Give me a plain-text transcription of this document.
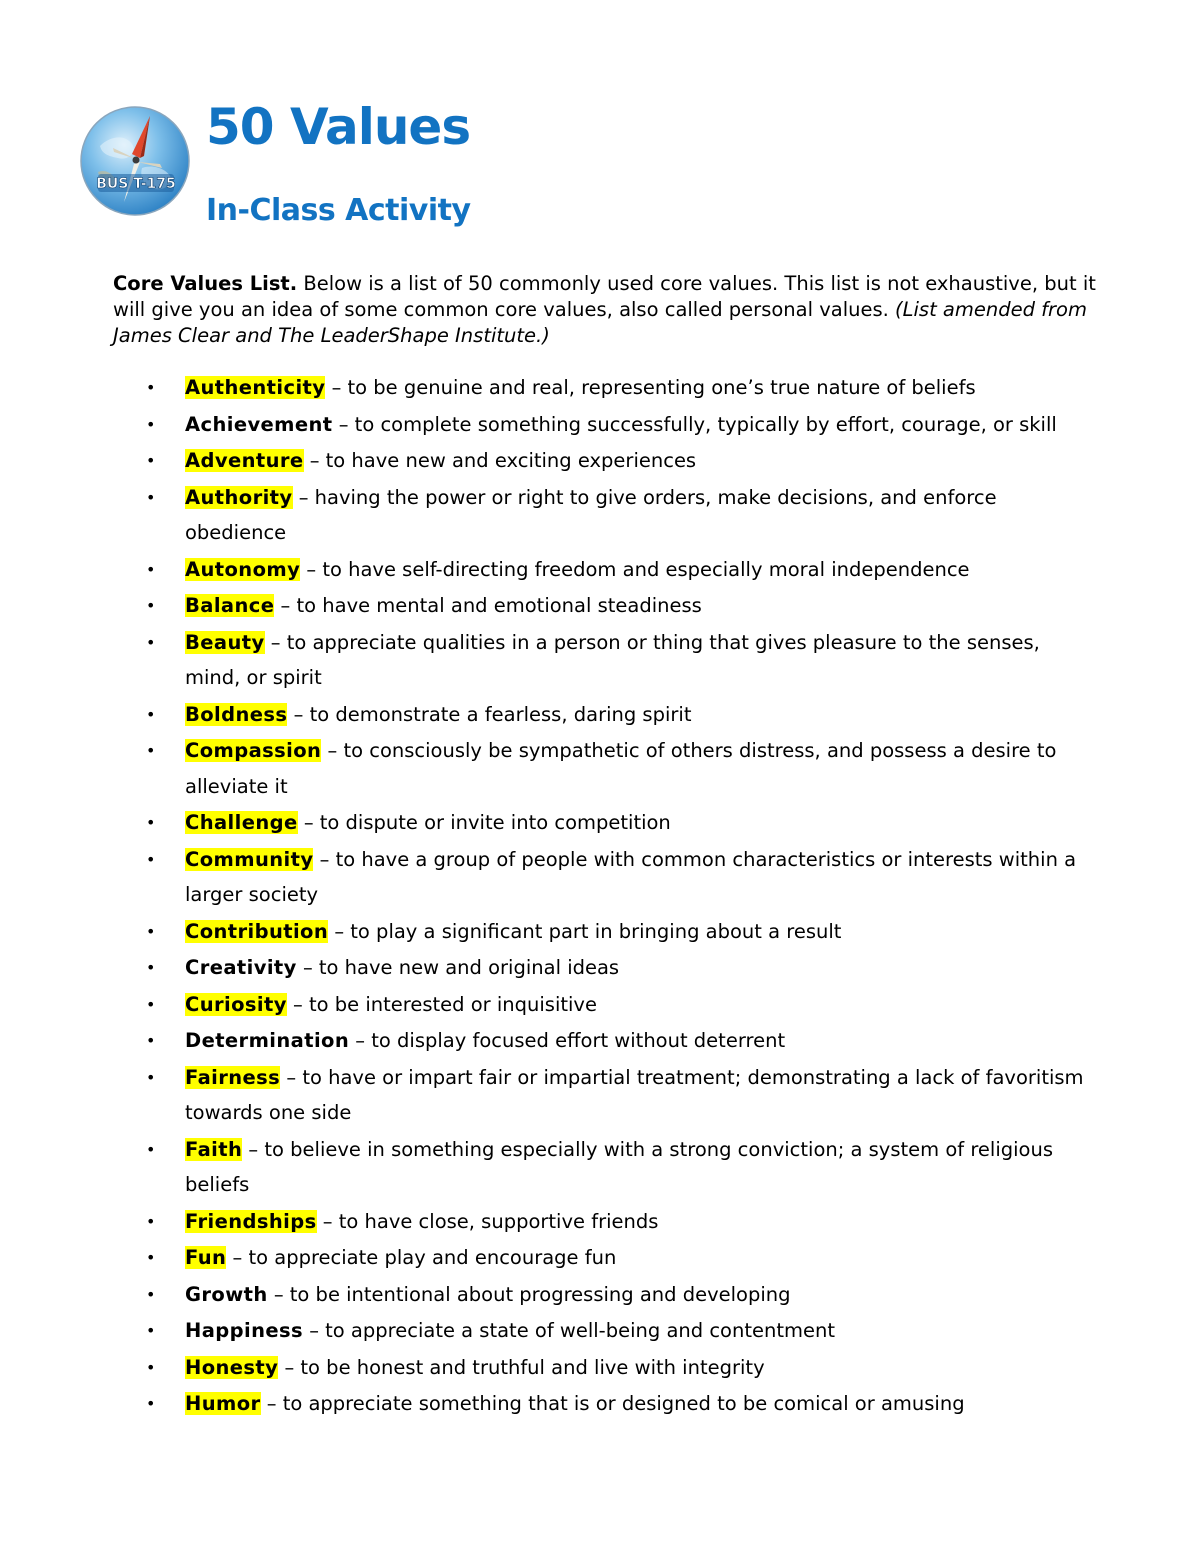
BUS T-175
50 Values
In-Class Activity

Core Values List. Below is a list of 50 commonly used core values. This list is not exhaustive, but it will give you an idea of some common core values, also called personal values. (List amended from James Clear and The LeaderShape Institute.)

•	Authenticity – to be genuine and real, representing one’s true nature of beliefs
•	Achievement – to complete something successfully, typically by effort, courage, or skill
•	Adventure – to have new and exciting experiences
•	Authority – having the power or right to give orders, make decisions, and enforce obedience
•	Autonomy – to have self-directing freedom and especially moral independence
•	Balance – to have mental and emotional steadiness
•	Beauty – to appreciate qualities in a person or thing that gives pleasure to the senses, mind, or spirit
•	Boldness – to demonstrate a fearless, daring spirit
•	Compassion – to consciously be sympathetic of others distress, and possess a desire to alleviate it
•	Challenge – to dispute or invite into competition
•	Community – to have a group of people with common characteristics or interests within a larger society
•	Contribution – to play a significant part in bringing about a result
•	Creativity – to have new and original ideas
•	Curiosity – to be interested or inquisitive
•	Determination – to display focused effort without deterrent
•	Fairness – to have or impart fair or impartial treatment; demonstrating a lack of favoritism towards one side
•	Faith – to believe in something especially with a strong conviction; a system of religious beliefs
•	Friendships – to have close, supportive friends
•	Fun – to appreciate play and encourage fun
•	Growth – to be intentional about progressing and developing
•	Happiness – to appreciate a state of well-being and contentment
•	Honesty – to be honest and truthful and live with integrity
•	Humor – to appreciate something that is or designed to be comical or amusing
